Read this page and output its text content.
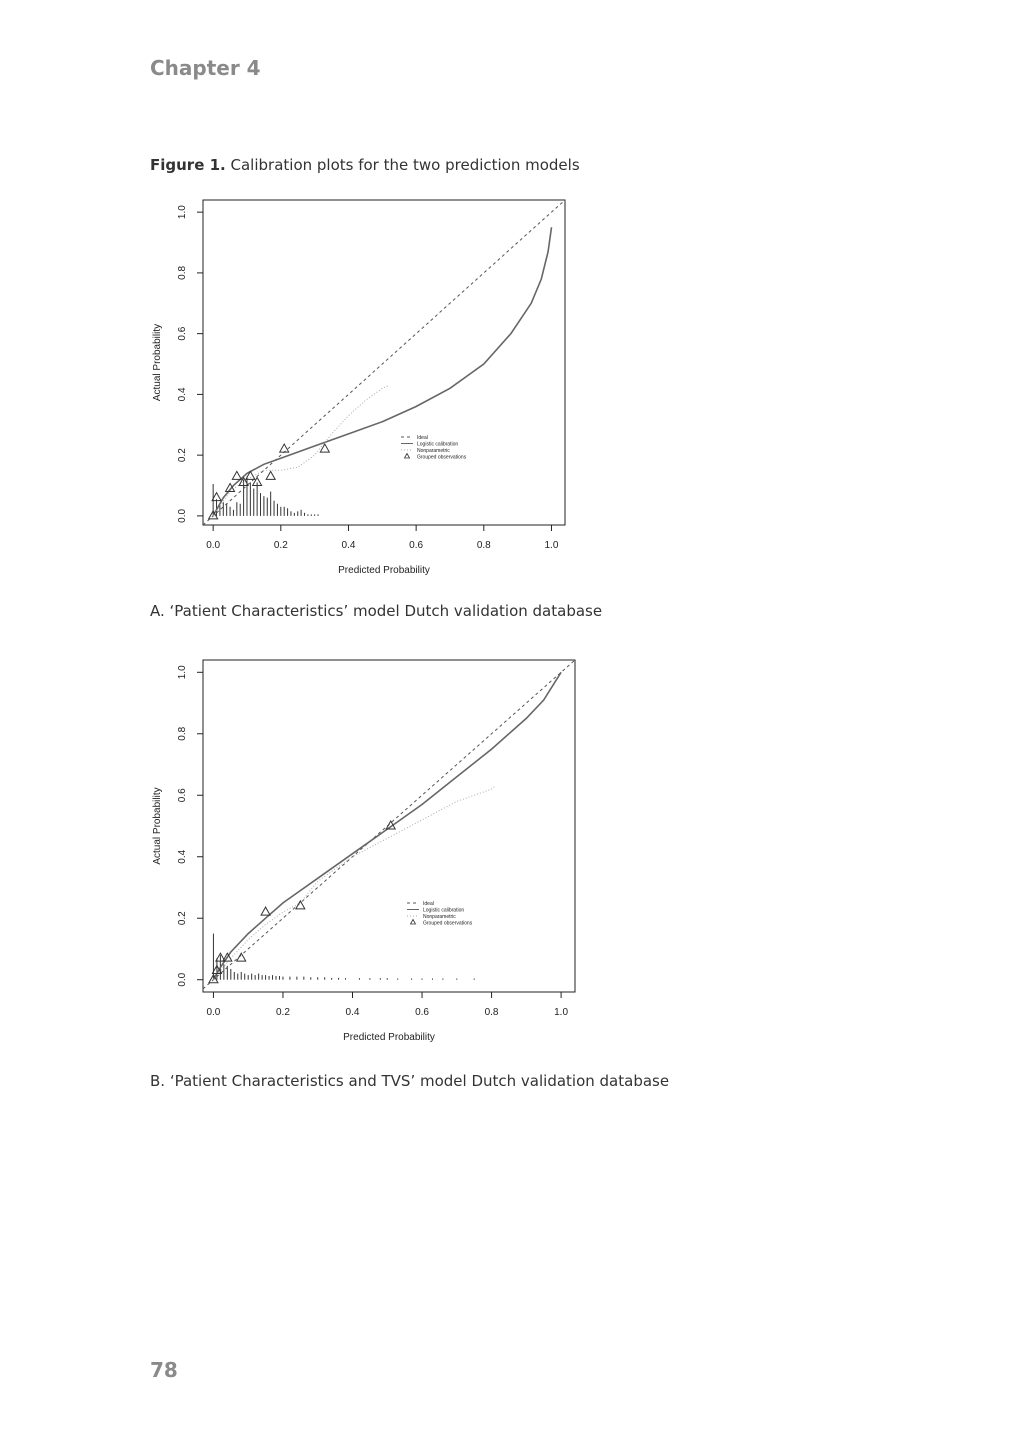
Chapter 4
Figure 1. Calibration plots for the two prediction models
0.0	0.2	0.4	0.6	0.8	1.0
0.0
0.2
0.4
0.6
0.8
1.0
Predicted Probability
Actual Probability
Ideal
Logistic calibration
Nonparametric
Grouped observations
A. ‘Patient Characteristics’ model Dutch validation database
0.0	0.2	0.4	0.6	0.8	1.0
0.0
0.2
0.4
0.6
0.8
1.0
Predicted Probability
Actual Probability
Ideal
Logistic calibration
Nonparametric
Grouped observations
B. ‘Patient Characteristics and TVS’ model Dutch validation database
78
